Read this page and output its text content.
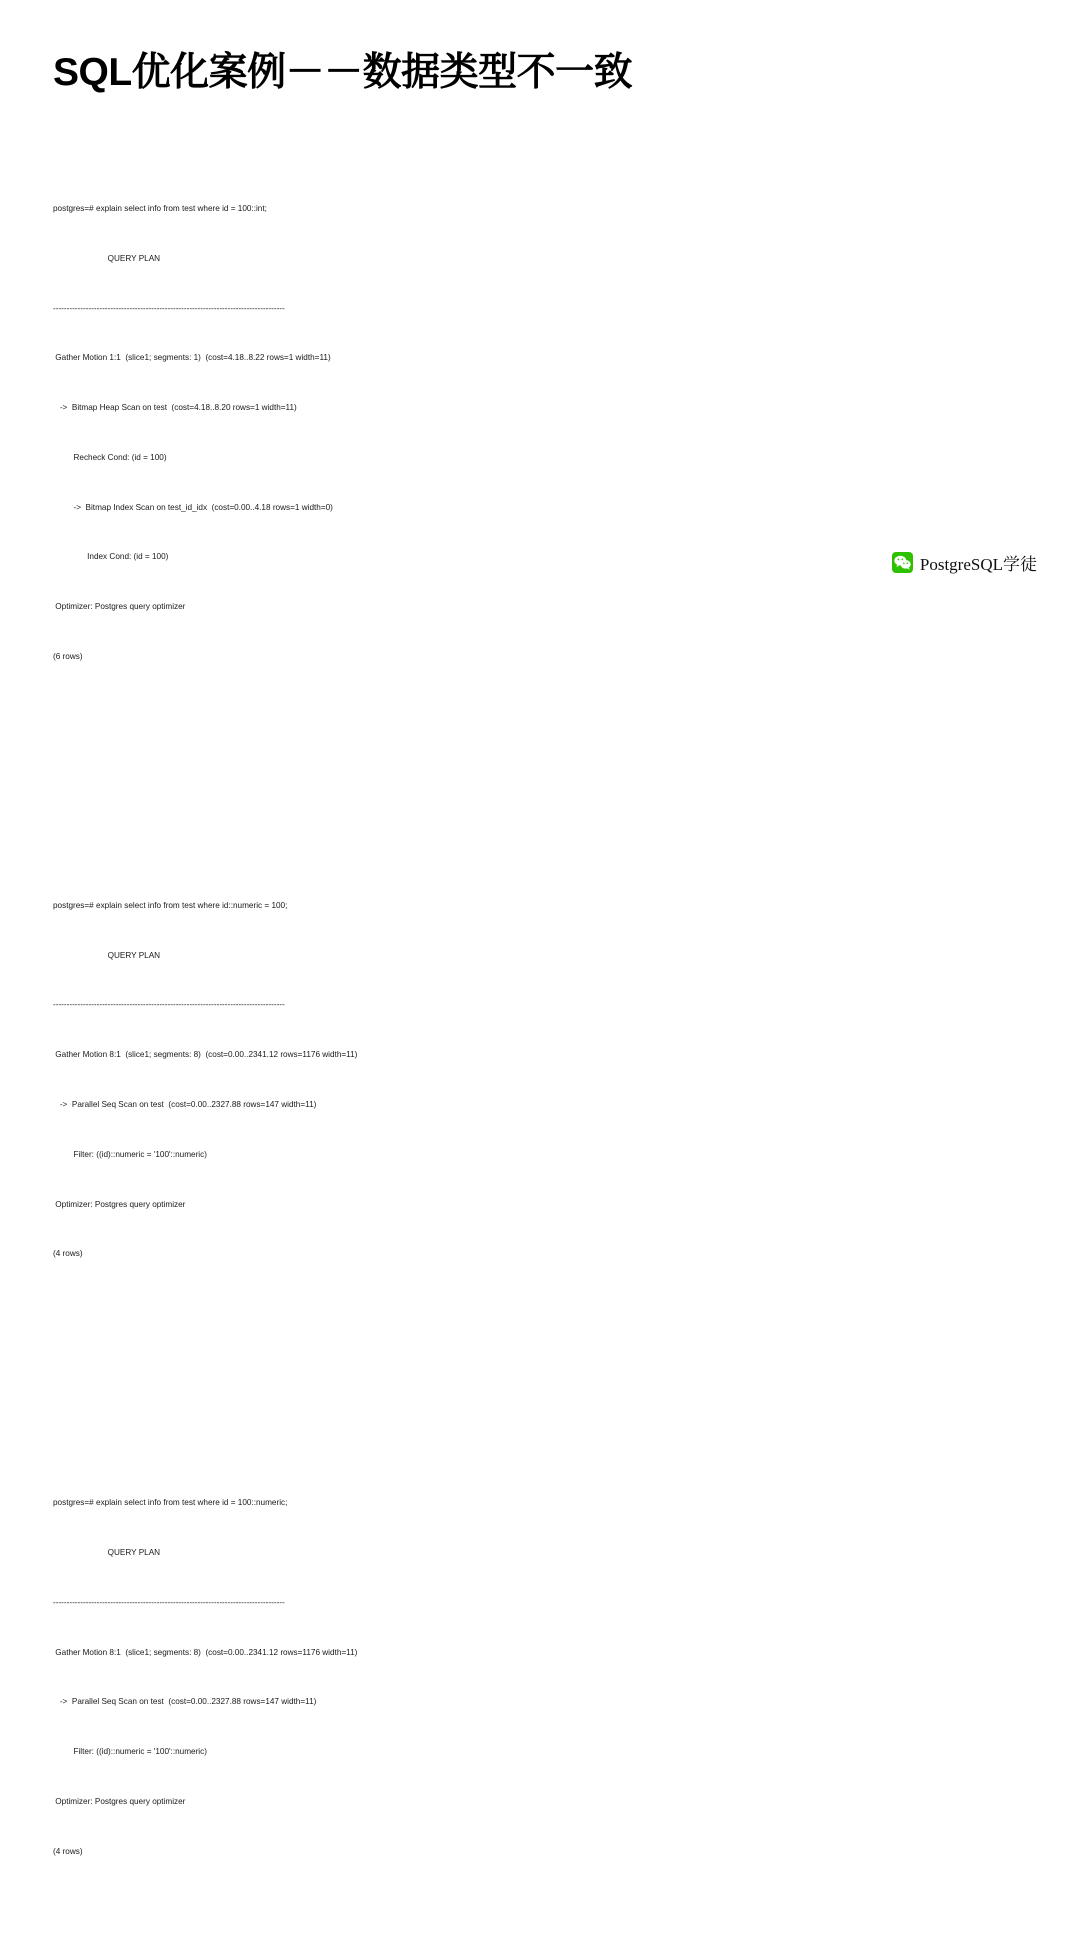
SQL优化案例－－数据类型不一致

postgres=# explain select info from test where id = 100::int;

QUERY PLAN

-------------------------------------------------------------------------------------

Gather Motion 1:1  (slice1; segments: 1)  (cost=4.18..8.22 rows=1 width=11)

->  Bitmap Heap Scan on test  (cost=4.18..8.20 rows=1 width=11)

Recheck Cond: (id = 100)

->  Bitmap Index Scan on test_id_idx  (cost=0.00..4.18 rows=1 width=0)

Index Cond: (id = 100)

Optimizer: Postgres query optimizer

(6 rows)

postgres=# explain select info from test where id::numeric = 100;

QUERY PLAN

-------------------------------------------------------------------------------------

Gather Motion 8:1  (slice1; segments: 8)  (cost=0.00..2341.12 rows=1176 width=11)

->  Parallel Seq Scan on test  (cost=0.00..2327.88 rows=147 width=11)

Filter: ((id)::numeric = '100'::numeric)

Optimizer: Postgres query optimizer

(4 rows)

postgres=# explain select info from test where id = 100::numeric;

QUERY PLAN

-------------------------------------------------------------------------------------

Gather Motion 8:1  (slice1; segments: 8)  (cost=0.00..2341.12 rows=1176 width=11)

->  Parallel Seq Scan on test  (cost=0.00..2327.88 rows=147 width=11)

Filter: ((id)::numeric = '100'::numeric)

Optimizer: Postgres query optimizer

(4 rows)

PostgreSQL学徒
